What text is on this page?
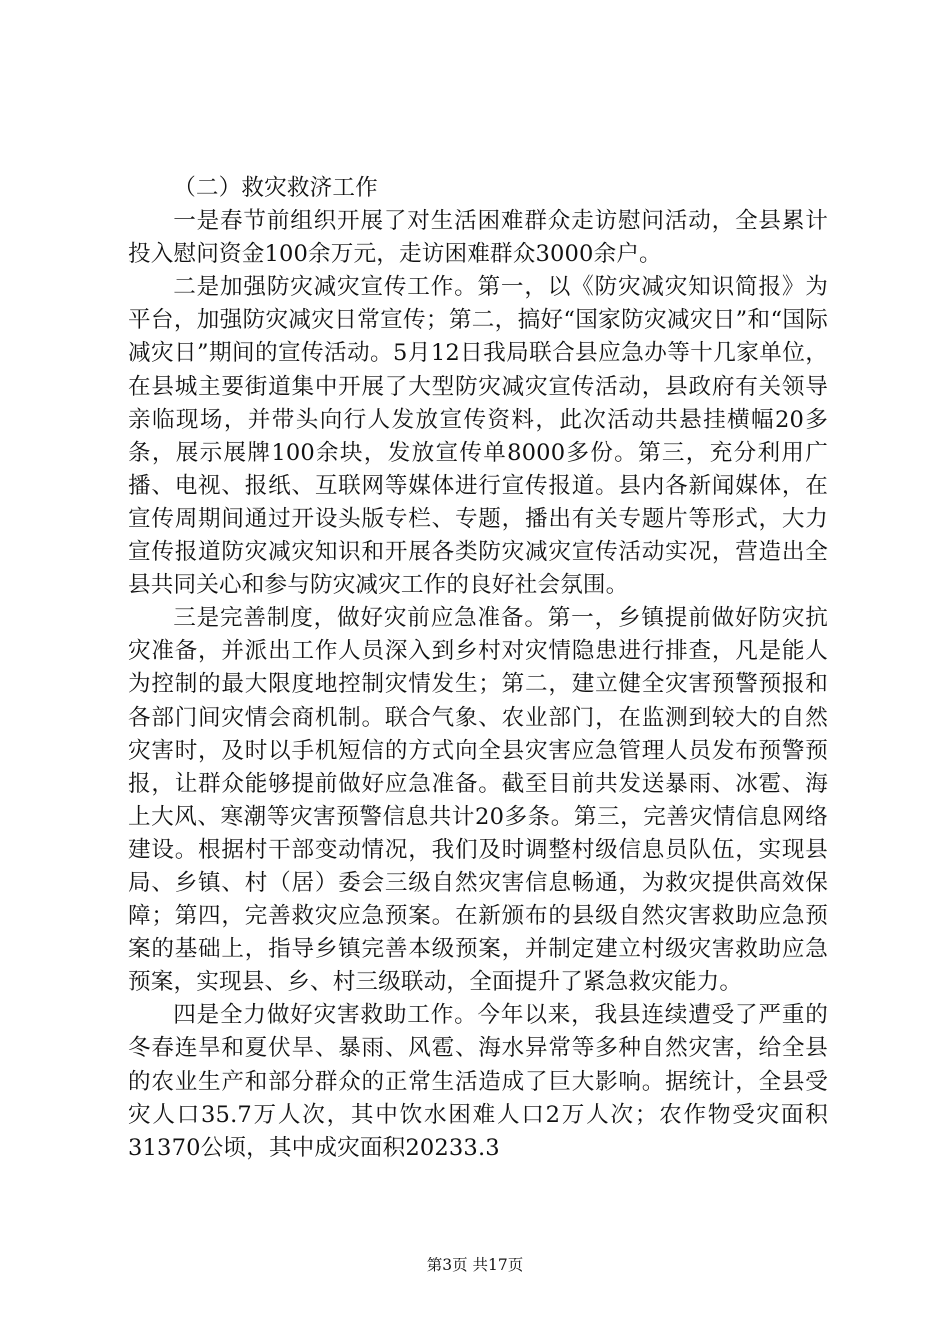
（二）救灾救济工作

一是春节前组织开展了对生活困难群众走访慰问活动，全县累计投入慰问资金100余万元，走访困难群众3000余户。

二是加强防灾减灾宣传工作。第一，以《防灾减灾知识简报》为平台，加强防灾减灾日常宣传；第二，搞好“国家防灾减灾日”和“国际减灾日”期间的宣传活动。5月12日我局联合县应急办等十几家单位，在县城主要街道集中开展了大型防灾减灾宣传活动，县政府有关领导亲临现场，并带头向行人发放宣传资料，此次活动共悬挂横幅20多条，展示展牌100余块，发放宣传单8000多份。第三，充分利用广播、电视、报纸、互联网等媒体进行宣传报道。县内各新闻媒体，在宣传周期间通过开设头版专栏、专题，播出有关专题片等形式，大力宣传报道防灾减灾知识和开展各类防灾减灾宣传活动实况，营造出全县共同关心和参与防灾减灾工作的良好社会氛围。

三是完善制度，做好灾前应急准备。第一，乡镇提前做好防灾抗灾准备，并派出工作人员深入到乡村对灾情隐患进行排查，凡是能人为控制的最大限度地控制灾情发生；第二，建立健全灾害预警预报和各部门间灾情会商机制。联合气象、农业部门，在监测到较大的自然灾害时，及时以手机短信的方式向全县灾害应急管理人员发布预警预报，让群众能够提前做好应急准备。截至目前共发送暴雨、冰雹、海上大风、寒潮等灾害预警信息共计20多条。第三，完善灾情信息网络建设。根据村干部变动情况，我们及时调整村级信息员队伍，实现县局、乡镇、村（居）委会三级自然灾害信息畅通，为救灾提供高效保障；第四，完善救灾应急预案。在新颁布的县级自然灾害救助应急预案的基础上，指导乡镇完善本级预案，并制定建立村级灾害救助应急预案，实现县、乡、村三级联动，全面提升了紧急救灾能力。

四是全力做好灾害救助工作。今年以来，我县连续遭受了严重的冬春连旱和夏伏旱、暴雨、风雹、海水异常等多种自然灾害，给全县的农业生产和部分群众的正常生活造成了巨大影响。据统计，全县受灾人口35.7万人次，其中饮水困难人口2万人次；农作物受灾面积31370公顷，其中成灾面积20233.3

第3页 共17页
